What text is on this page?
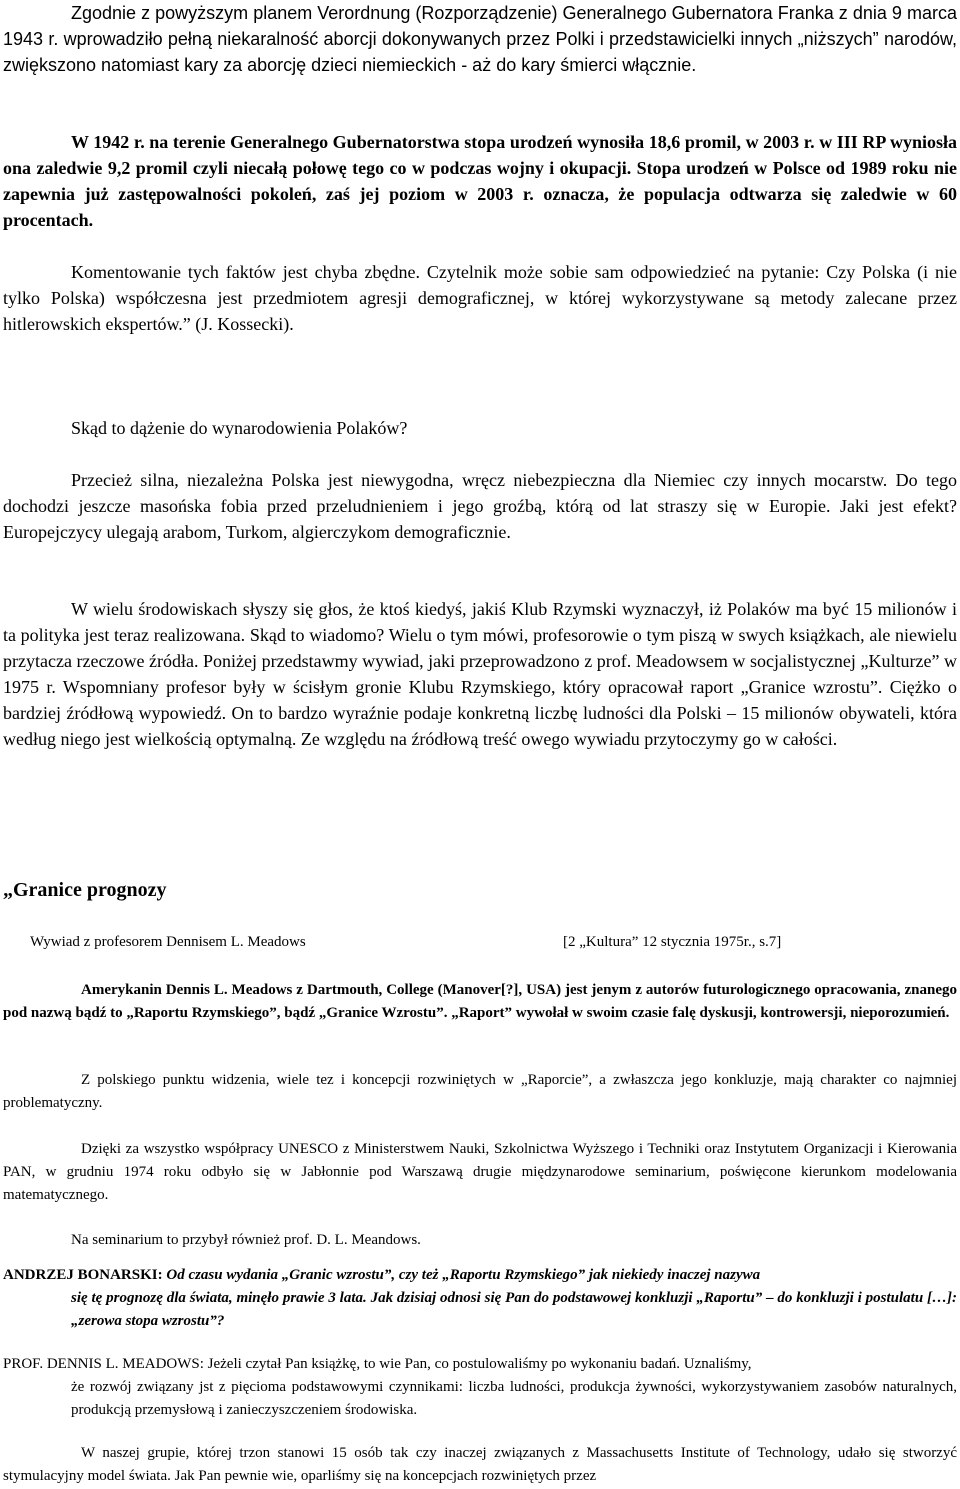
Zgodnie z powyższym planem Verordnung (Rozporządzenie) Generalnego Gubernatora Franka z dnia 9 marca 1943 r. wprowadziło pełną niekaralność aborcji dokonywanych przez Polki i przedstawicielki innych „niższych” narodów, zwiększono natomiast kary za aborcję dzieci niemieckich - aż do kary śmierci włącznie.

W 1942 r. na terenie Generalnego Gubernatorstwa stopa urodzeń wynosiła 18,6 promil, w 2003 r. w III RP wyniosła ona zaledwie 9,2 promil czyli niecałą połowę tego co w podczas wojny i okupacji. Stopa urodzeń w Polsce od 1989 roku nie zapewnia już zastępowalności pokoleń, zaś jej poziom w 2003 r. oznacza, że populacja odtwarza się zaledwie w 60 procentach.

Komentowanie tych faktów jest chyba zbędne. Czytelnik może sobie sam odpowiedzieć na pytanie: Czy Polska (i nie tylko Polska) współczesna jest przedmiotem agresji demograficznej, w której wykorzystywane są metody zalecane przez hitlerowskich ekspertów.” (J. Kossecki).

Skąd to dążenie do wynarodowienia Polaków?

Przecież silna, niezależna Polska jest niewygodna, wręcz niebezpieczna dla Niemiec czy innych mocarstw. Do tego dochodzi jeszcze masońska fobia przed przeludnieniem i jego groźbą, którą od lat straszy się w Europie. Jaki jest efekt? Europejczycy ulegają arabom, Turkom, algierczykom demograficznie.

W wielu środowiskach słyszy się głos, że ktoś kiedyś, jakiś Klub Rzymski wyznaczył, iż Polaków ma być 15 milionów i ta polityka jest teraz realizowana. Skąd to wiadomo? Wielu o tym mówi, profesorowie o tym piszą w swych książkach, ale niewielu przytacza rzeczowe źródła. Poniżej przedstawmy wywiad, jaki przeprowadzono z prof. Meadowsem w socjalistycznej „Kulturze” w 1975 r. Wspomniany profesor były w ścisłym gronie Klubu Rzymskiego, który opracował raport „Granice wzrostu”. Ciężko o bardziej źródłową wypowiedź. On to bardzo wyraźnie podaje konkretną liczbę ludności dla Polski – 15 milionów obywateli, która według niego jest wielkością optymalną. Ze względu na źródłową treść owego wywiadu przytoczymy go w całości.

„Granice prognozy
Wywiad z profesorem Dennisem L. Meadows	[2 „Kultura” 12 stycznia 1975r., s.7]

Amerykanin Dennis L. Meadows z Dartmouth, College (Manover[?], USA) jest jenym z autorów futurologicznego opracowania, znanego pod nazwą bądź to „Raportu Rzymskiego”, bądź „Granice Wzrostu”. „Raport” wywołał w swoim czasie falę dyskusji, kontrowersji, nieporozumień.

Z polskiego punktu widzenia, wiele tez i koncepcji rozwiniętych w „Raporcie”, a zwłaszcza jego konkluzje, mają charakter co najmniej problematyczny.

Dzięki za wszystko współpracy UNESCO z Ministerstwem Nauki, Szkolnictwa Wyższego i Techniki oraz Instytutem Organizacji i Kierowania PAN, w grudniu 1974 roku odbyło się w Jabłonnie pod Warszawą drugie międzynarodowe seminarium, poświęcone kierunkom modelowania matematycznego.

Na seminarium to przybył również prof. D. L. Meandows.

ANDRZEJ BONARSKI: Od czasu wydania „Granic wzrostu”, czy też „Raportu Rzymskiego” jak niekiedy inaczej nazywa
się tę prognozę dla świata, minęło prawie 3 lata. Jak dzisiaj odnosi się Pan do podstawowej konkluzji „Raportu” – do konkluzji i postulatu […]: „zerowa stopa wzrostu”?
PROF. DENNIS L. MEADOWS: Jeżeli czytał Pan książkę, to wie Pan, co postulowaliśmy po wykonaniu badań. Uznaliśmy,
że rozwój związany jst z pięcioma podstawowymi czynnikami: liczba ludności, produkcja żywności, wykorzystywaniem zasobów naturalnych, produkcją przemysłową i zanieczyszczeniem środowiska.

W naszej grupie, której trzon stanowi 15 osób tak czy inaczej związanych z Massachusetts Institute of Technology, udało się stworzyć stymulacyjny model świata. Jak Pan pewnie wie, oparliśmy się na koncepcjach rozwiniętych przez
